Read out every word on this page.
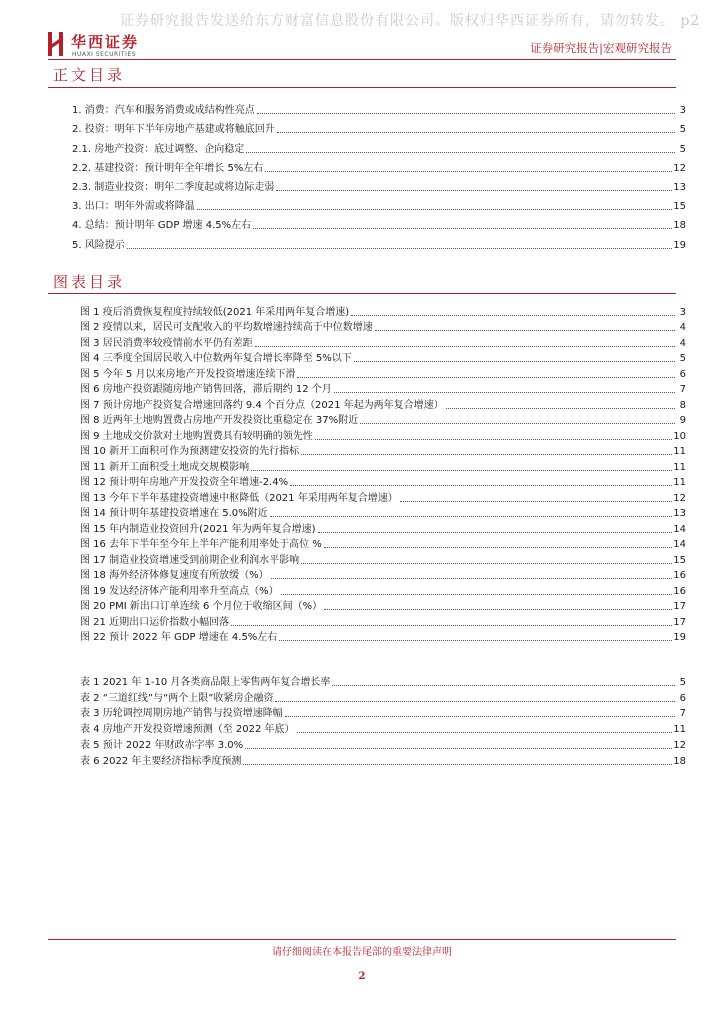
证券研究报告发送给东方财富信息股份有限公司。版权归华西证券所有，请勿转发。 p2
华西证券
HUAXI SECURITIES	证券研究报告|宏观研究报告
正文目录
1. 消费：汽车和服务消费或成结构性亮点	3
2. 投资：明年下半年房地产基建或将触底回升	5
2.1. 房地产投资：底过调整、企向稳定	5
2.2. 基建投资：预计明年全年增长 5%左右	12
2.3. 制造业投资：明年二季度起或将边际走弱	13
3. 出口：明年外需或将降温	15
4. 总结：预计明年 GDP 增速 4.5%左右	18
5. 风险提示	19
图表目录
图 1 疫后消费恢复程度持续较低(2021 年采用两年复合增速)	3
图 2 疫情以来，居民可支配收入的平均数增速持续高于中位数增速	4
图 3 居民消费率较疫情前水平仍有差距	4
图 4 三季度全国居民收入中位数两年复合增长率降至 5%以下	5
图 5 今年 5 月以来房地产开发投资增速连续下滑	6
图 6 房地产投资跟随房地产销售回落，滞后期约 12 个月	7
图 7 预计房地产投资复合增速回落约 9.4 个百分点（2021 年起为两年复合增速）	8
图 8 近两年土地购置费占房地产开发投资比重稳定在 37%附近	9
图 9 土地成交价款对土地购置费具有较明确的领先性	10
图 10 新开工面积可作为预测建安投资的先行指标	11
图 11 新开工面积受土地成交规模影响	11
图 12 预计明年房地产开发投资全年增速-2.4%	11
图 13 今年下半年基建投资增速中枢降低（2021 年采用两年复合增速）	12
图 14 预计明年基建投资增速在 5.0%附近	13
图 15 年内制造业投资回升(2021 年为两年复合增速)	14
图 16 去年下半年至今年上半年产能利用率处于高位 %	14
图 17 制造业投资增速受到前期企业利润水平影响	15
图 18 海外经济体修复速度有所放缓（%）	16
图 19 发达经济体产能利用率升至高点（%）	16
图 20 PMI 新出口订单连续 6 个月位于收缩区间（%）	17
图 21 近期出口运价指数小幅回落	17
图 22 预计 2022 年 GDP 增速在 4.5%左右	19
表 1 2021 年 1-10 月各类商品限上零售两年复合增长率	5
表 2 “三道红线”与“两个上限”收紧房企融资	6
表 3 历轮调控周期房地产销售与投资增速降幅	7
表 4 房地产开发投资增速预测（至 2022 年底）	11
表 5 预计 2022 年财政赤字率 3.0%	12
表 6 2022 年主要经济指标季度预测	18
请仔细阅读在本报告尾部的重要法律声明
2
